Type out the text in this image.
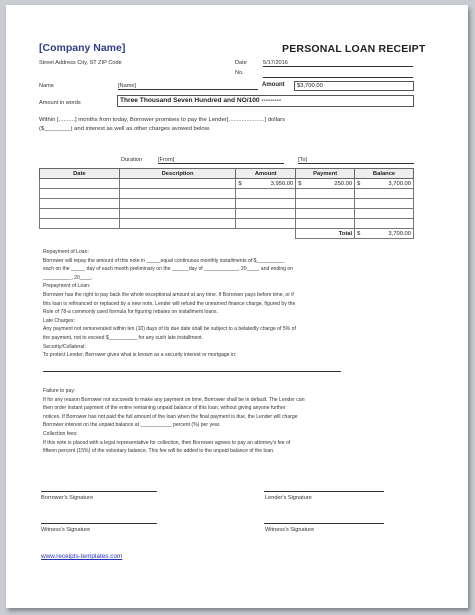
[Company Name]	PERSONAL LOAN RECEIPT
Street Address City, ST ZIP Code	Date	5/17/2016
No.
Name	[Name]	Amount	$3,700.00
Amount in words	Three Thousand Seven Hundred and NO/100 ---------
Within [..........] months from today, Borrower promises to pay the Lender[......................] dollars
($________) and interest as well as other charges avowed below.
Duration	[From]	[To]
Date	Description	Amount	Payment	Balance

		$ 3,950.00	$ 250.00	$ 3,700.00

			Total	$ 3,700.00

Repayment of Loan:

Borrower will repay the amount of this note in _____equal continuous monthly installments of $__________

each on the _____ day of each month preliminary on the ______day of ____________, 20____, and ending on

__________, 20____.

Prepayment of Loan:

Borrower has the right to pay back the whole exceptional amount at any time. If Borrower pays before time, or if

this loan is refinanced or replaced by a new note, Lender will refund the unearned finance charge, figured by the

Rule of 78-a commonly used formula for figuring rebates on installment loans.

Late Charges:

Any payment not remunerated within ten (10) days of its due date shall be subject to a belatedly charge of 5% of

the payment, not to exceed $__________ for any such late installment.

Security/Collateral:

To protect Lender, Borrower gives what is known as a security interest or mortgage in:

Failure to pay:

If for any reason Borrower not succeeds to make any payment on time, Borrower shall be in default. The Lender can

then order instant payment of the entire remaining unpaid balance of this loan, without giving anyone further

notices. If Borrower has not paid the full amount of the loan when the final payment is due, the Lender will charge

Borrower interest on the unpaid balance at ___________ percent (%) per year.

Collection fees:

If this note is placed with a legal representative for collection, then Borrower agrees to pay an attorney's fee of

fifteen percent (15%) of the voluntary balance. This fee will be added to the unpaid balance of the loan.

Borrower's Signature	Lender's Signature
Witness's Signature	Witness's Signature
www.receipts-templates.com
